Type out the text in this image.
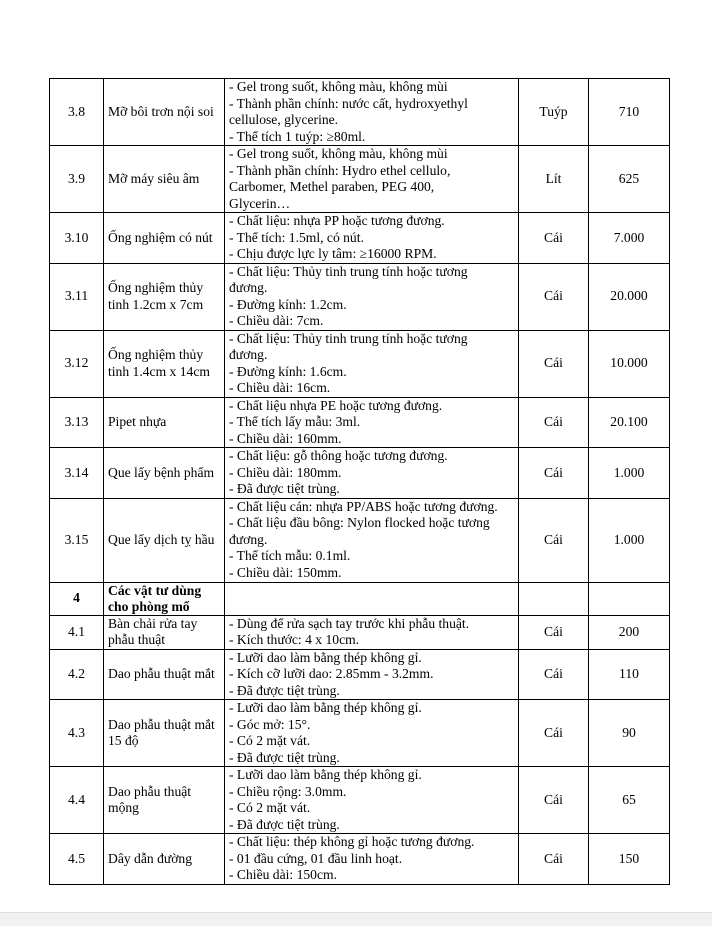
3.8	Mỡ bôi trơn nội soi	- Gel trong suốt, không màu, không mùi
- Thành phần chính: nước cất, hydroxyethyl
cellulose, glycerine.
- Thể tích 1 tuýp: ≥80ml.	Tuýp	710
3.9	Mỡ máy siêu âm	- Gel trong suốt, không màu, không mùi
- Thành phần chính: Hydro ethel cellulo,
Carbomer, Methel paraben, PEG 400,
Glycerin…	Lít	625
3.10	Ống nghiệm có nút	- Chất liệu: nhựa PP hoặc tương đương.
- Thể tích: 1.5ml, có nút.
- Chịu được lực ly tâm: ≥16000 RPM.	Cái	7.000
3.11	Ống nghiệm thủy tinh 1.2cm x 7cm	- Chất liệu: Thủy tinh trung tính hoặc tương
đương.
- Đường kính: 1.2cm.
- Chiều dài: 7cm.	Cái	20.000
3.12	Ống nghiệm thủy tinh 1.4cm x 14cm	- Chất liệu: Thủy tinh trung tính hoặc tương
đương.
- Đường kính: 1.6cm.
- Chiều dài: 16cm.	Cái	10.000
3.13	Pipet nhựa	- Chất liệu nhựa PE hoặc tương đương.
- Thể tích lấy mẫu: 3ml.
- Chiều dài: 160mm.	Cái	20.100
3.14	Que lấy bệnh phẩm	- Chất liệu: gỗ thông hoặc tương đương.
- Chiều dài: 180mm.
- Đã được tiệt trùng.	Cái	1.000
3.15	Que lấy dịch tỵ hầu	- Chất liệu cán: nhựa PP/ABS hoặc tương đương.
- Chất liệu đầu bông: Nylon flocked hoặc tương
đương.
- Thể tích mẫu: 0.1ml.
- Chiều dài: 150mm.	Cái	1.000
4	Các vật tư dùng cho phòng mổ			
4.1	Bàn chải rửa tay phẫu thuật	- Dùng để rửa sạch tay trước khi phẫu thuật.
- Kích thước: 4 x 10cm.	Cái	200
4.2	Dao phẫu thuật mắt	- Lưỡi dao làm bằng thép không gỉ.
- Kích cỡ lưỡi dao: 2.85mm - 3.2mm.
- Đã được tiệt trùng.	Cái	110
4.3	Dao phẫu thuật mắt 15 độ	- Lưỡi dao làm bằng thép không gỉ.
- Góc mở: 15°.
- Có 2 mặt vát.
- Đã được tiệt trùng.	Cái	90
4.4	Dao phẫu thuật mộng	- Lưỡi dao làm bằng thép không gỉ.
- Chiều rộng: 3.0mm.
- Có 2 mặt vát.
- Đã được tiệt trùng.	Cái	65
4.5	Dây dẫn đường	- Chất liệu: thép không gỉ hoặc tương đương.
- 01 đầu cứng, 01 đầu linh hoạt.
- Chiều dài: 150cm.	Cái	150
